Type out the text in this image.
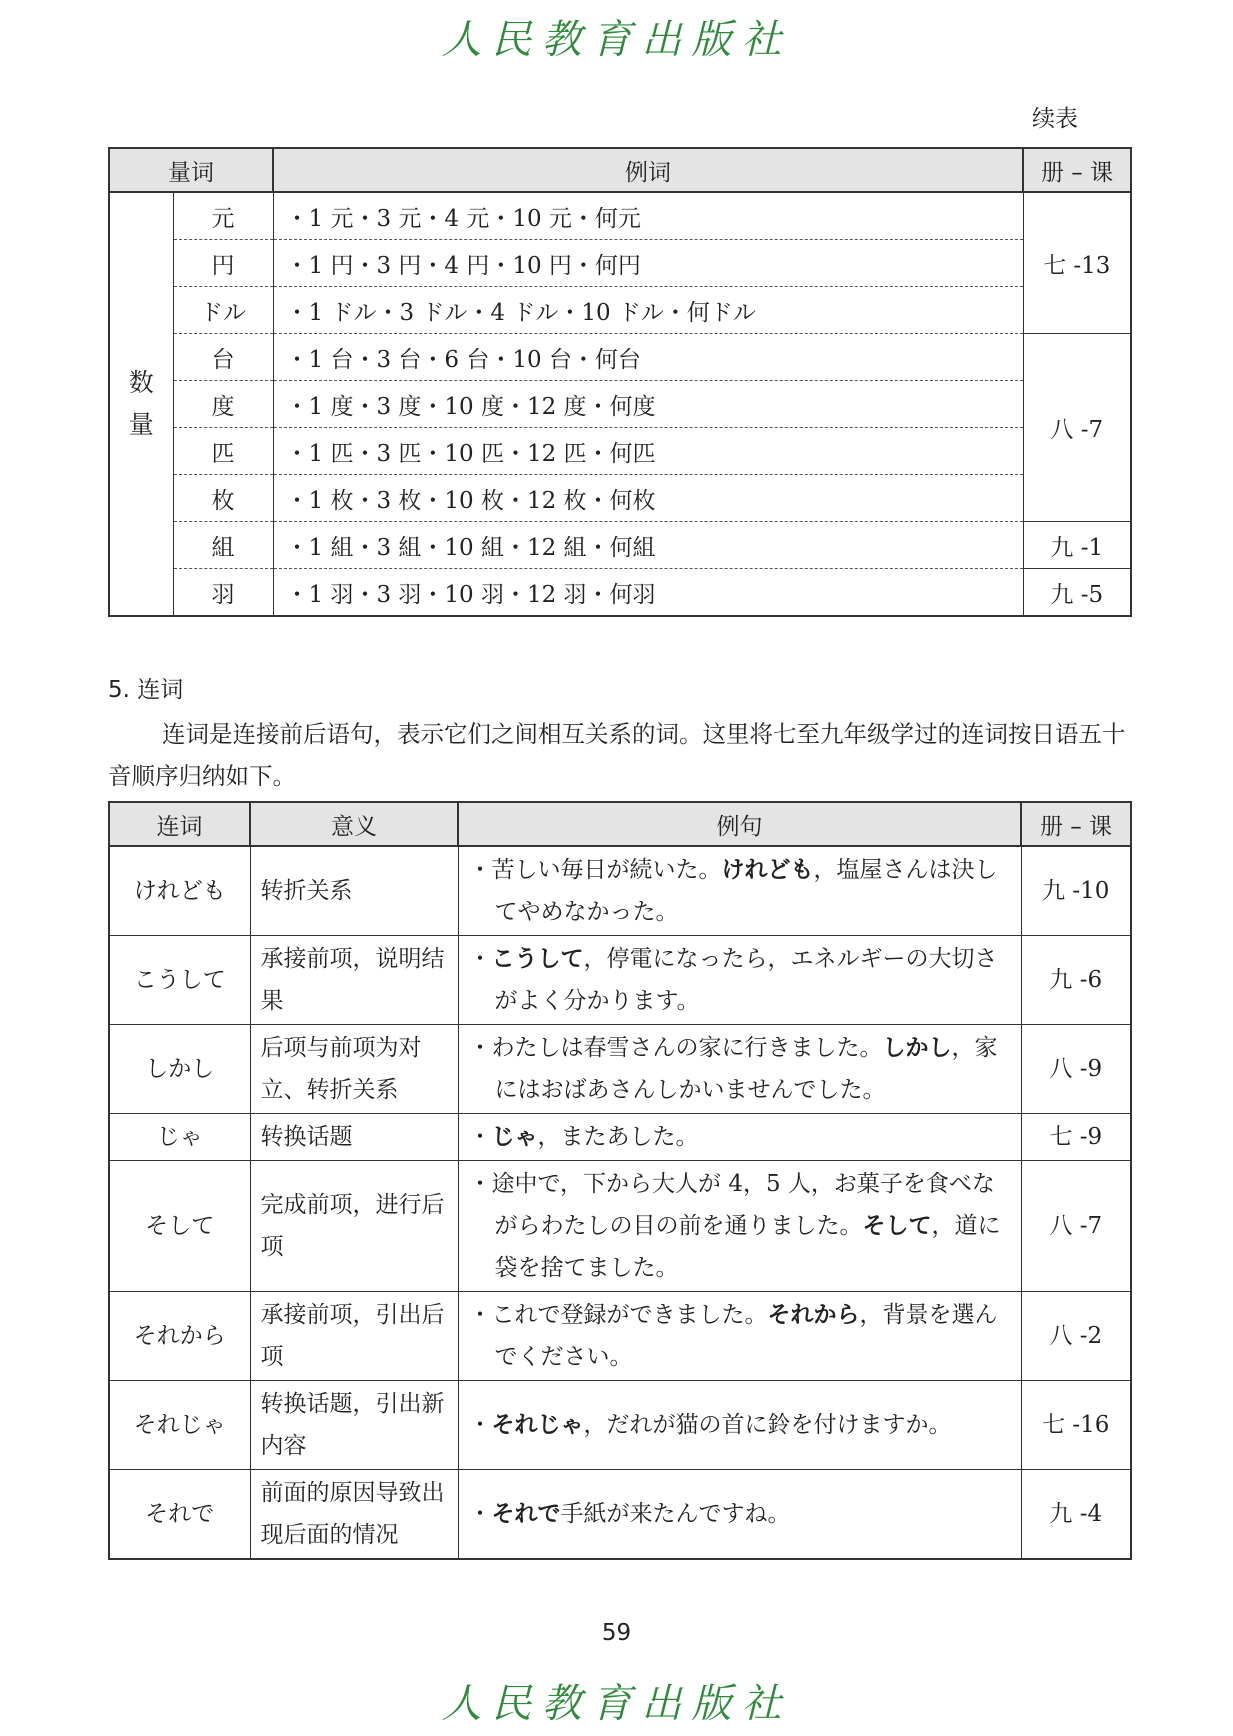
人民教育出版社
续表
量词		例词	册 – 课

数
量	元	・1 元・3 元・4 元・10 元・何元	七 -13
	円	・1 円・3 円・4 円・10 円・何円	
	ドル	・1 ドル・3 ドル・4 ドル・10 ドル・何ドル	
	台	・1 台・3 台・6 台・10 台・何台	八 -7
	度	・1 度・3 度・10 度・12 度・何度	
	匹	・1 匹・3 匹・10 匹・12 匹・何匹	
	枚	・1 枚・3 枚・10 枚・12 枚・何枚	
	組	・1 組・3 組・10 組・12 組・何組	九 -1
	羽	・1 羽・3 羽・10 羽・12 羽・何羽	九 -5
5. 连词
连词是连接前后语句，表示它们之间相互关系的词。这里将七至九年级学过的连词按日语五十音顺序归纳如下。
连词	意义	例句	册 – 课
けれども	转折关系	・苦しい毎日が続いた。けれども，塩屋さんは決してやめなかった。	九 -10
こうして	承接前项，说明结果	・こうして，停電になったら，エネルギーの大切さがよく分かります。	九 -6
しかし	后项与前项为对立、转折关系	・わたしは春雪さんの家に行きました。しかし，家にはおばあさんしかいませんでした。	八 -9
じゃ	转换话题	・じゃ，またあした。	七 -9
そして	完成前项，进行后项	・途中で，下から大人が 4，5 人，お菓子を食べながらわたしの目の前を通りました。そして，道に袋を捨てました。	八 -7
それから	承接前项，引出后项	・これで登録ができました。それから，背景を選んでください。	八 -2
それじゃ	转换话题，引出新内容	・それじゃ，だれが猫の首に鈴を付けますか。	七 -16
それで	前面的原因导致出现后面的情况	・それで手紙が来たんですね。	九 -4
59
人民教育出版社
